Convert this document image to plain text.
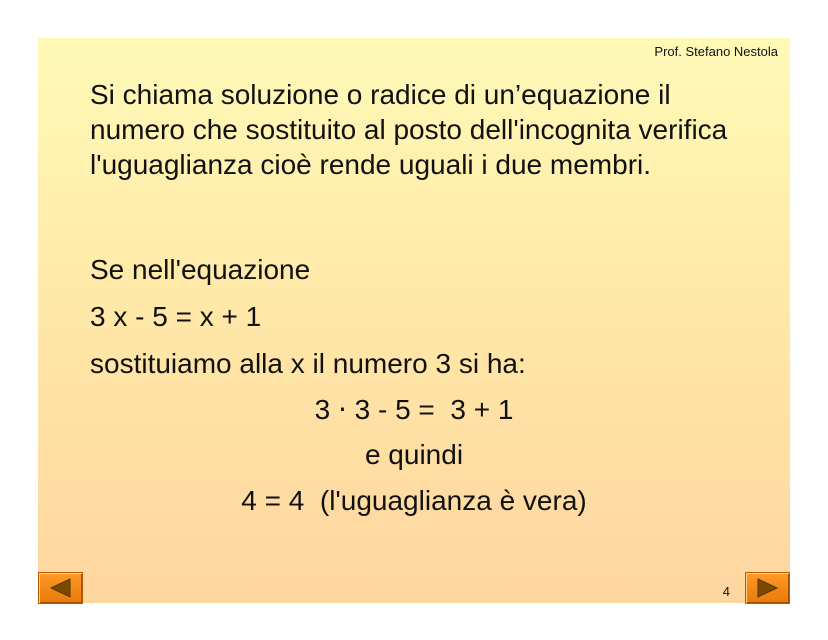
Prof. Stefano Nestola
Si chiama soluzione o radice di un’equazione il numero che sostituito al posto dell'incognita verifica l'uguaglianza cioè rende uguali i due membri.
Se nell'equazione
3 x - 5 = x + 1
sostituiamo alla x il numero 3 si ha:
3 ⋅ 3 - 5 =  3 + 1
e quindi
4 = 4  (l'uguaglianza è vera)
4
